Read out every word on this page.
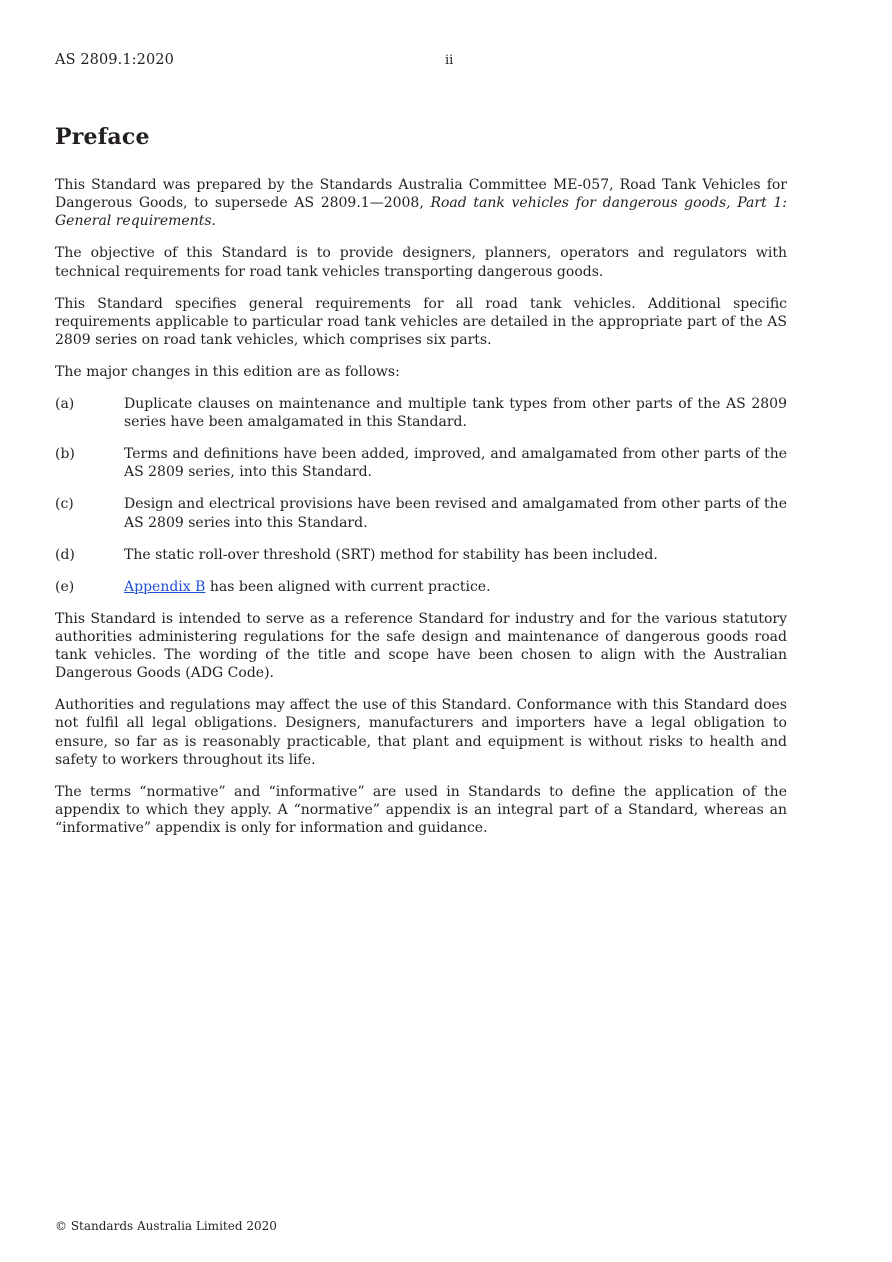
AS 2809.1:2020	ii
Preface

This Standard was prepared by the Standards Australia Committee ME-057, Road Tank Vehicles for Dangerous Goods, to supersede AS 2809.1—2008, Road tank vehicles for dangerous goods, Part 1: General requirements.

The objective of this Standard is to provide designers, planners, operators and regulators with technical requirements for road tank vehicles transporting dangerous goods.

This Standard specifies general requirements for all road tank vehicles. Additional specific requirements applicable to particular road tank vehicles are detailed in the appropriate part of the AS 2809 series on road tank vehicles, which comprises six parts.

The major changes in this edition are as follows:

(a)	Duplicate clauses on maintenance and multiple tank types from other parts of the AS 2809 series have been amalgamated in this Standard.
(b)	Terms and definitions have been added, improved, and amalgamated from other parts of the AS 2809 series, into this Standard.
(c)	Design and electrical provisions have been revised and amalgamated from other parts of the AS 2809 series into this Standard.
(d)	The static roll-over threshold (SRT) method for stability has been included.
(e)	Appendix B has been aligned with current practice.

This Standard is intended to serve as a reference Standard for industry and for the various statutory authorities administering regulations for the safe design and maintenance of dangerous goods road tank vehicles. The wording of the title and scope have been chosen to align with the Australian Dangerous Goods (ADG Code).

Authorities and regulations may affect the use of this Standard. Conformance with this Standard does not fulfil all legal obligations. Designers, manufacturers and importers have a legal obligation to ensure, so far as is reasonably practicable, that plant and equipment is without risks to health and safety to workers throughout its life.

The terms “normative” and “informative” are used in Standards to define the application of the appendix to which they apply. A “normative” appendix is an integral part of a Standard, whereas an “informative” appendix is only for information and guidance.

© Standards Australia Limited 2020
